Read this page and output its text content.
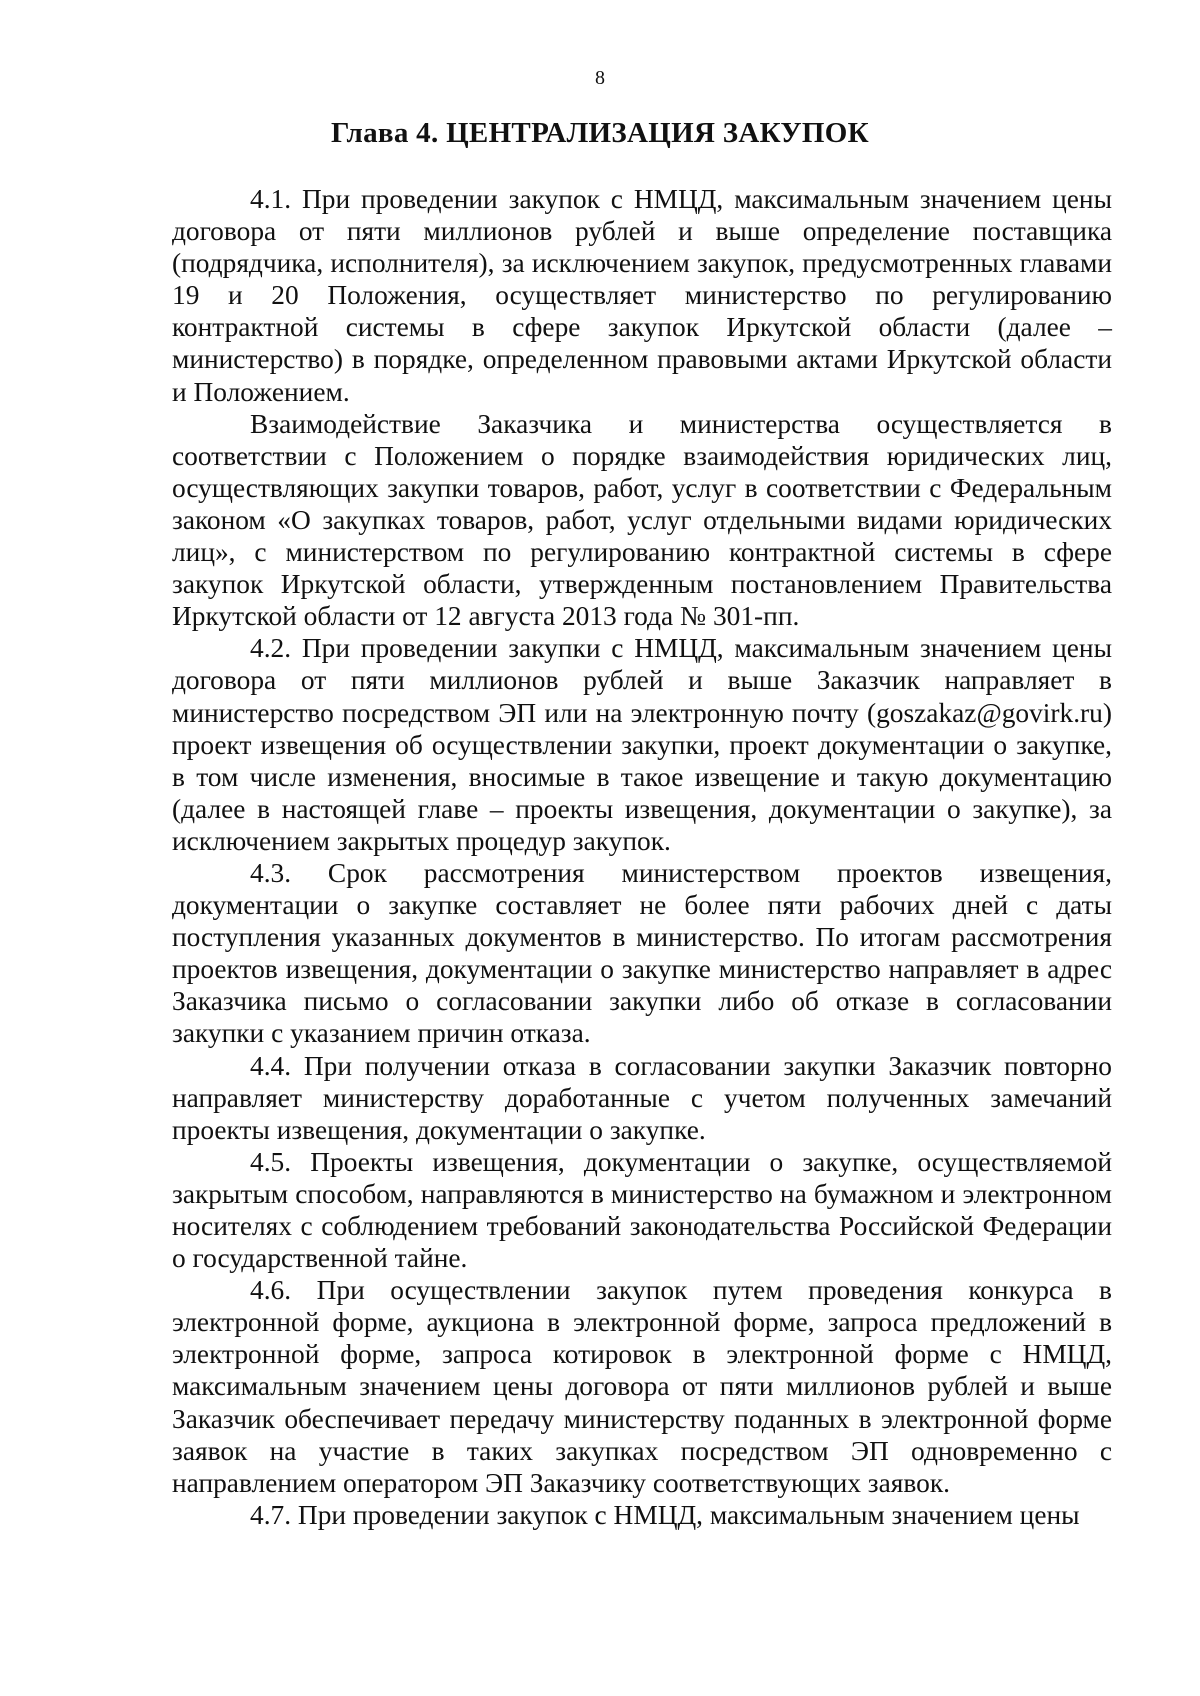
8
Глава 4. ЦЕНТРАЛИЗАЦИЯ ЗАКУПОК

4.1. При проведении закупок с НМЦД, максимальным значением цены договора от пяти миллионов рублей и выше определение поставщика (подрядчика, исполнителя), за исключением закупок, предусмотренных главами 19 и 20 Положения, осуществляет министерство по регулированию контрактной системы в сфере закупок Иркутской области (далее – министерство) в порядке, определенном правовыми актами Иркутской области и Положением.

Взаимодействие Заказчика и министерства осуществляется в соответствии с Положением о порядке взаимодействия юридических лиц, осуществляющих закупки товаров, работ, услуг в соответствии с Федеральным законом «О закупках товаров, работ, услуг отдельными видами юридических лиц», с министерством по регулированию контрактной системы в сфере закупок Иркутской области, утвержденным постановлением Правительства Иркутской области от 12 августа 2013 года № 301-пп.

4.2. При проведении закупки с НМЦД, максимальным значением цены договора от пяти миллионов рублей и выше Заказчик направляет в министерство посредством ЭП или на электронную почту (goszakaz@govirk.ru) проект извещения об осуществлении закупки, проект документации о закупке, в том числе изменения, вносимые в такое извещение и такую документацию (далее в настоящей главе – проекты извещения, документации о закупке), за исключением закрытых процедур закупок.

4.3. Срок рассмотрения министерством проектов извещения, документации о закупке составляет не более пяти рабочих дней с даты поступления указанных документов в министерство. По итогам рассмотрения проектов извещения, документации о закупке министерство направляет в адрес Заказчика письмо о согласовании закупки либо об отказе в согласовании закупки с указанием причин отказа.

4.4. При получении отказа в согласовании закупки Заказчик повторно направляет министерству доработанные с учетом полученных замечаний проекты извещения, документации о закупке.

4.5. Проекты извещения, документации о закупке, осуществляемой закрытым способом, направляются в министерство на бумажном и электронном носителях с соблюдением требований законодательства Российской Федерации о государственной тайне.

4.6. При осуществлении закупок путем проведения конкурса в электронной форме, аукциона в электронной форме, запроса предложений в электронной форме, запроса котировок в электронной форме с НМЦД, максимальным значением цены договора от пяти миллионов рублей и выше Заказчик обеспечивает передачу министерству поданных в электронной форме заявок на участие в таких закупках посредством ЭП одновременно с направлением оператором ЭП Заказчику соответствующих заявок.

4.7. При проведении закупок с НМЦД, максимальным значением цены
